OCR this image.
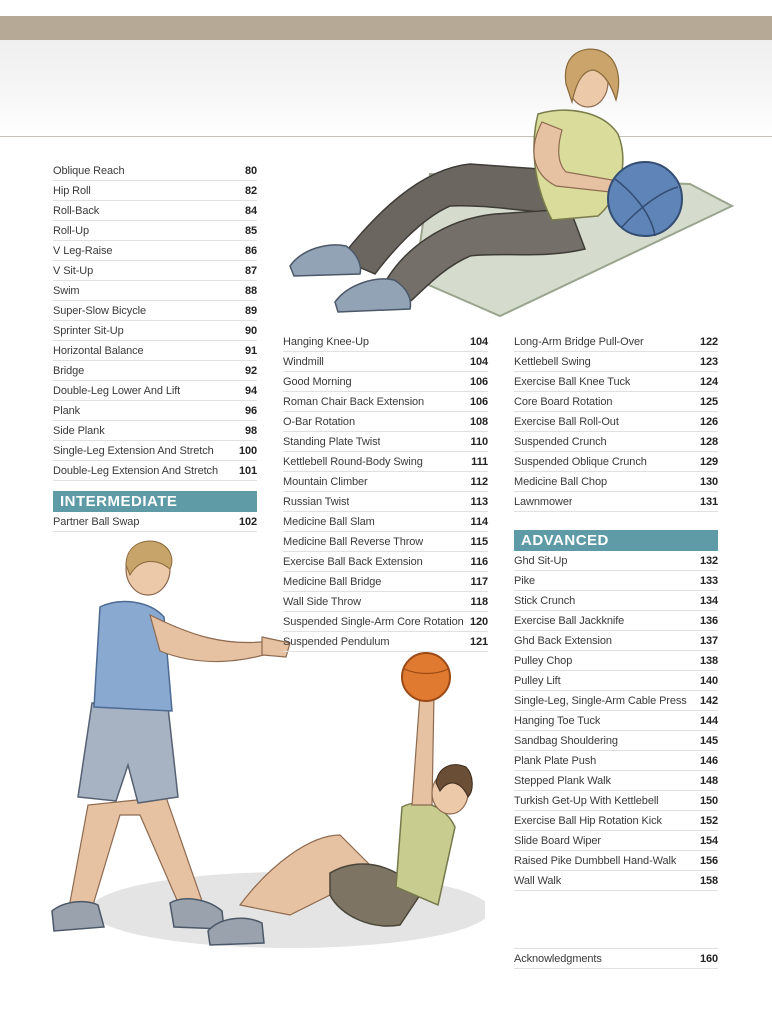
Oblique Reach	80
Hip Roll	82
Roll-Back	84
Roll-Up	85
V Leg-Raise	86
V Sit-Up	87
Swim	88
Super-Slow Bicycle	89
Sprinter Sit-Up	90
Horizontal Balance	91
Bridge	92
Double-Leg Lower And Lift	94
Plank	96
Side Plank	98
Single-Leg Extension And Stretch	100
Double-Leg Extension And Stretch	101
INTERMEDIATE
Partner Ball Swap	102
Hanging Knee-Up	104
Windmill	104
Good Morning	106
Roman Chair Back Extension	106
O-Bar Rotation	108
Standing Plate Twist	110
Kettlebell Round-Body Swing	111
Mountain Climber	112
Russian Twist	113
Medicine Ball Slam	114
Medicine Ball Reverse Throw	115
Exercise Ball Back Extension	116
Medicine Ball Bridge	117
Wall Side Throw	118
Suspended Single-Arm Core Rotation 120
Suspended Pendulum	121
Long-Arm Bridge Pull-Over	122
Kettlebell Swing	123
Exercise Ball Knee Tuck	124
Core Board Rotation	125
Exercise Ball Roll-Out	126
Suspended Crunch	128
Suspended Oblique Crunch	129
Medicine Ball Chop	130
Lawnmower	131
ADVANCED
Ghd Sit-Up	132
Pike	133
Stick Crunch	134
Exercise Ball Jackknife	136
Ghd Back Extension	137
Pulley Chop	138
Pulley Lift	140
Single-Leg, Single-Arm Cable Press	142
Hanging Toe Tuck	144
Sandbag Shouldering	145
Plank Plate Push	146
Stepped Plank Walk	148
Turkish Get-Up With Kettlebell	150
Exercise Ball Hip Rotation Kick	152
Slide Board Wiper	154
Raised Pike Dumbbell Hand-Walk	156
Wall Walk	158
Acknowledgments	160
